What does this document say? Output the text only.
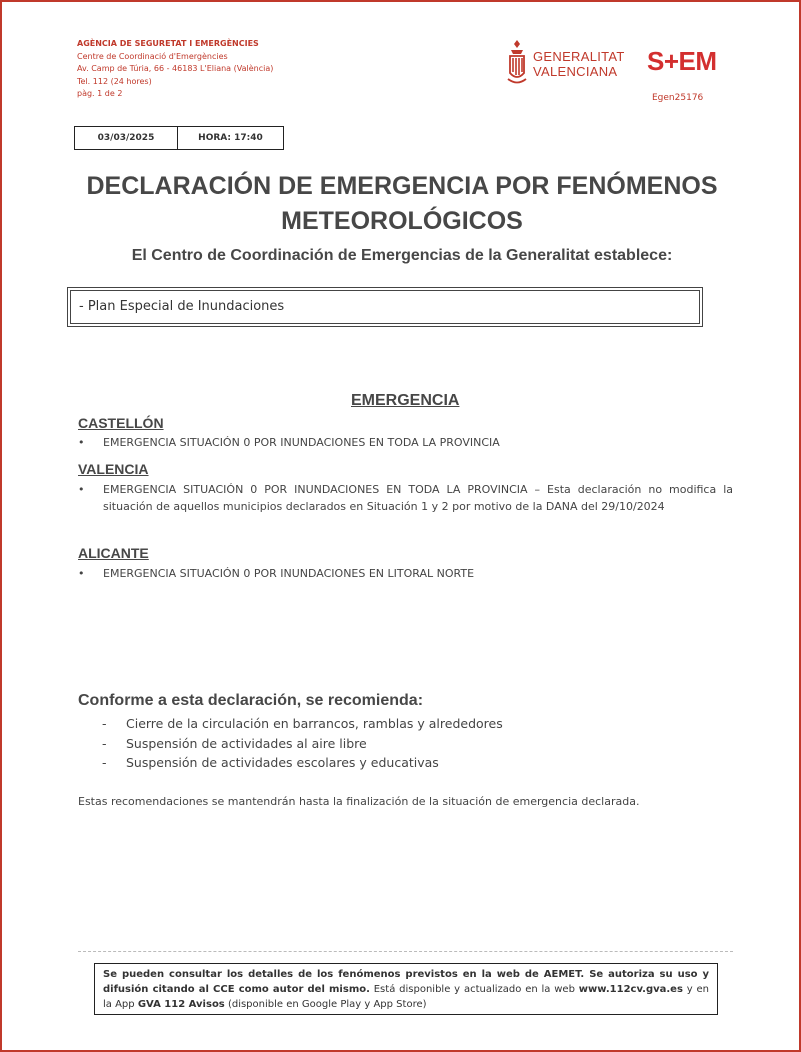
AGÈNCIA DE SEGURETAT I EMERGÈNCIES
Centre de Coordinació d'Emergències
Av. Camp de Túria, 66 - 46183 L'Eliana (València)
Tel. 112 (24 hores)
pàg. 1 de 2
GENERALITAT
VALENCIANA S+EM
Egen25176
03/03/2025	HORA: 17:40
DECLARACIÓN DE EMERGENCIA POR FENÓMENOS
METEOROLÓGICOS
El Centro de Coordinación de Emergencias de la Generalitat establece:
- Plan Especial de Inundaciones
EMERGENCIA
CASTELLÓN
•	EMERGENCIA SITUACIÓN 0 POR INUNDACIONES EN TODA LA PROVINCIA
VALENCIA
•	EMERGENCIA SITUACIÓN 0 POR INUNDACIONES EN TODA LA PROVINCIA – Esta declaración no modifica la situación de aquellos municipios declarados en Situación 1 y 2 por motivo de la DANA del 29/10/2024
ALICANTE
•	EMERGENCIA SITUACIÓN 0 POR INUNDACIONES EN LITORAL NORTE
Conforme a esta declaración, se recomienda:
-	Cierre de la circulación en barrancos, ramblas y alrededores
-	Suspensión de actividades al aire libre
-	Suspensión de actividades escolares y educativas
Estas recomendaciones se mantendrán hasta la finalización de la situación de emergencia declarada.
Se pueden consultar los detalles de los fenómenos previstos en la web de AEMET. Se autoriza su uso y difusión citando al CCE como autor del mismo. Está disponible y actualizado en la web www.112cv.gva.es y en la App GVA 112 Avisos (disponible en Google Play y App Store)
